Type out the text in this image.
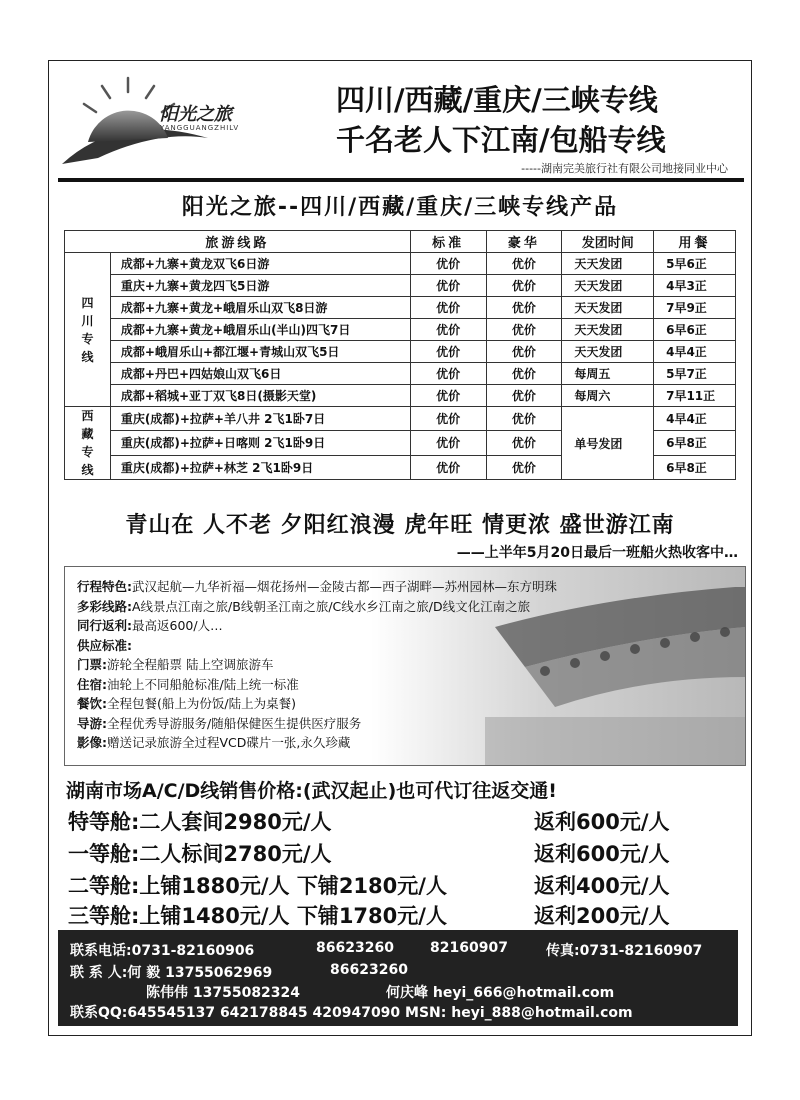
阳光之旅
YANGGUANGZHILV
四川/西藏/重庆/三峡专线
千名老人下江南/包船专线
-----湖南完美旅行社有限公司地接同业中心
阳光之旅--四川/西藏/重庆/三峡专线产品
旅游线路		标准	豪华	发团时间	用餐

四川专线	成都+九寨+黄龙双飞6日游	优价	优价	天天发团	5早6正
	重庆+九寨+黄龙四飞5日游	优价	优价	天天发团	4早3正
	成都+九寨+黄龙+峨眉乐山双飞8日游	优价	优价	天天发团	7早9正
	成都+九寨+黄龙+峨眉乐山(半山)四飞7日	优价	优价	天天发团	6早6正
	成都+峨眉乐山+都江堰+青城山双飞5日	优价	优价	天天发团	4早4正
	成都+丹巴+四姑娘山双飞6日	优价	优价	每周五	5早7正
	成都+稻城+亚丁双飞8日(摄影天堂)	优价	优价	每周六	7早11正

西藏专线	重庆(成都)+拉萨+羊八井 2飞1卧7日	优价	优价	单号发团	4早4正
	重庆(成都)+拉萨+日喀则 2飞1卧9日	优价	优价		6早8正
	重庆(成都)+拉萨+林芝 2飞1卧9日	优价	优价		6早8正
青山在 人不老 夕阳红浪漫 虎年旺 情更浓 盛世游江南
——上半年5月20日最后一班船火热收客中…
行程特色:武汉起航—九华祈福—烟花扬州—金陵古都—西子湖畔—苏州园林—东方明珠
多彩线路:A线景点江南之旅/B线朝圣江南之旅/C线水乡江南之旅/D线文化江南之旅
同行返利:最高返600/人…
供应标准:
门票:游轮全程船票 陆上空调旅游车
住宿:油轮上不同船舱标准/陆上统一标准
餐饮:全程包餐(船上为份饭/陆上为桌餐)
导游:全程优秀导游服务/随船保健医生提供医疗服务
影像:赠送记录旅游全过程VCD碟片一张,永久珍藏
湖南市场A/C/D线销售价格:(武汉起止)也可代订往返交通!
特等舱:二人套间2980元/人	返利600元/人
一等舱:二人标间2780元/人	返利600元/人
二等舱:上铺1880元/人 下铺2180元/人	返利400元/人
三等舱:上铺1480元/人 下铺1780元/人	返利200元/人
联系电话:0731-82160906	86623260	82160907	传真:0731-82160907
联 系 人:何 毅 13755062969	86623260
陈伟伟 13755082324	何庆峰 heyi_666@hotmail.com
联系QQ:645545137 642178845 420947090 MSN: heyi_888@hotmail.com
